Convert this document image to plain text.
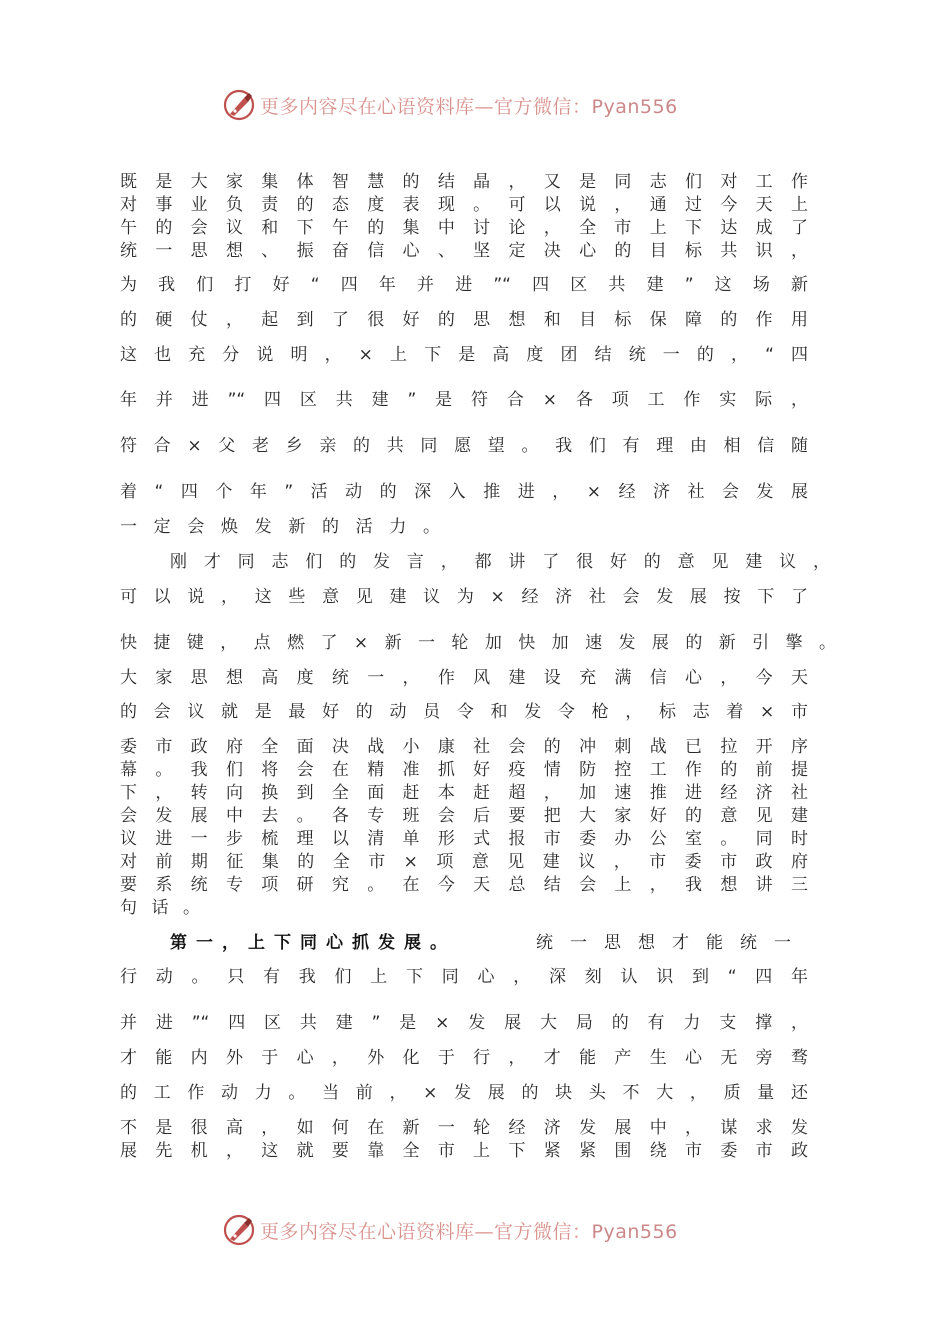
更多内容尽在心语资料库—官方微信：Pyan556
既是大家集体智慧的结晶，又是同志们对工作
对事业负责的态度表现。可以说，通过今天上
午的会议和下午的集中讨论，全市上下达成了
统一思想、振奋信心、坚定决心的目标共识，
为我们打好“四年并进”“四区共建”这场新
的硬仗，起到了很好的思想和目标保障的作用
这也充分说明，×上下是高度团结统一的，“四
年并进”“四区共建”是符合×各项工作实际，
符合×父老乡亲的共同愿望。我们有理由相信随
着“四个年”活动的深入推进，×经济社会发展
一定会焕发新的活力。
刚才同志们的发言，都讲了很好的意见建议，
可以说，这些意见建议为×经济社会发展按下了
快捷键，点燃了×新一轮加快加速发展的新引擎。
大家思想高度统一，作风建设充满信心，今天
的会议就是最好的动员令和发令枪，标志着×市
委市政府全面决战小康社会的冲刺战已拉开序
幕。我们将会在精准抓好疫情防控工作的前提
下，转向换到全面赶本赶超，加速推进经济社
会发展中去。各专班会后要把大家好的意见建
议进一步梳理以清单形式报市委办公室。同时
对前期征集的全市×项意见建议，市委市政府
要系统专项研究。在今天总结会上，我想讲三
句话。
第一，上下同心抓发展。	统一思想才能统一
行动。只有我们上下同心，深刻认识到“四年
并进”“四区共建”是×发展大局的有力支撑，
才能内外于心，外化于行，才能产生心无旁骛
的工作动力。当前，×发展的块头不大，质量还
不是很高，如何在新一轮经济发展中，谋求发
展先机，这就要靠全市上下紧紧围绕市委市政
更多内容尽在心语资料库—官方微信：Pyan556
